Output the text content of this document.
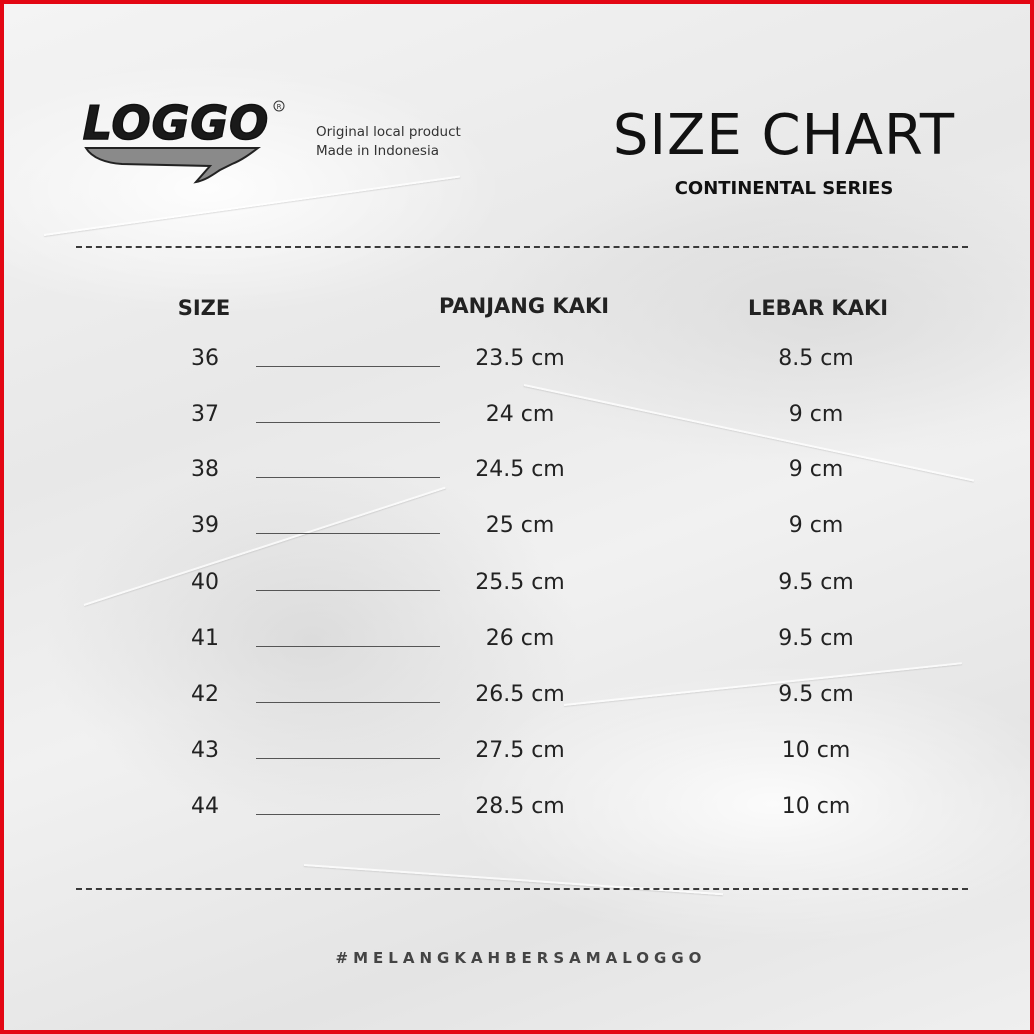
LOGGO R
Original local product
Made in Indonesia	SIZE CHART
CONTINENTAL SERIES
SIZE	PANJANG KAKI	LEBAR KAKI
36	23.5 cm	8.5 cm
37	24 cm	9 cm
38	24.5 cm	9 cm
39	25 cm	9 cm
40	25.5 cm	9.5 cm
41	26 cm	9.5 cm
42	26.5 cm	9.5 cm
43	27.5 cm	10 cm
44	28.5 cm	10 cm
#MELANGKAHBERSAMALOGGO
